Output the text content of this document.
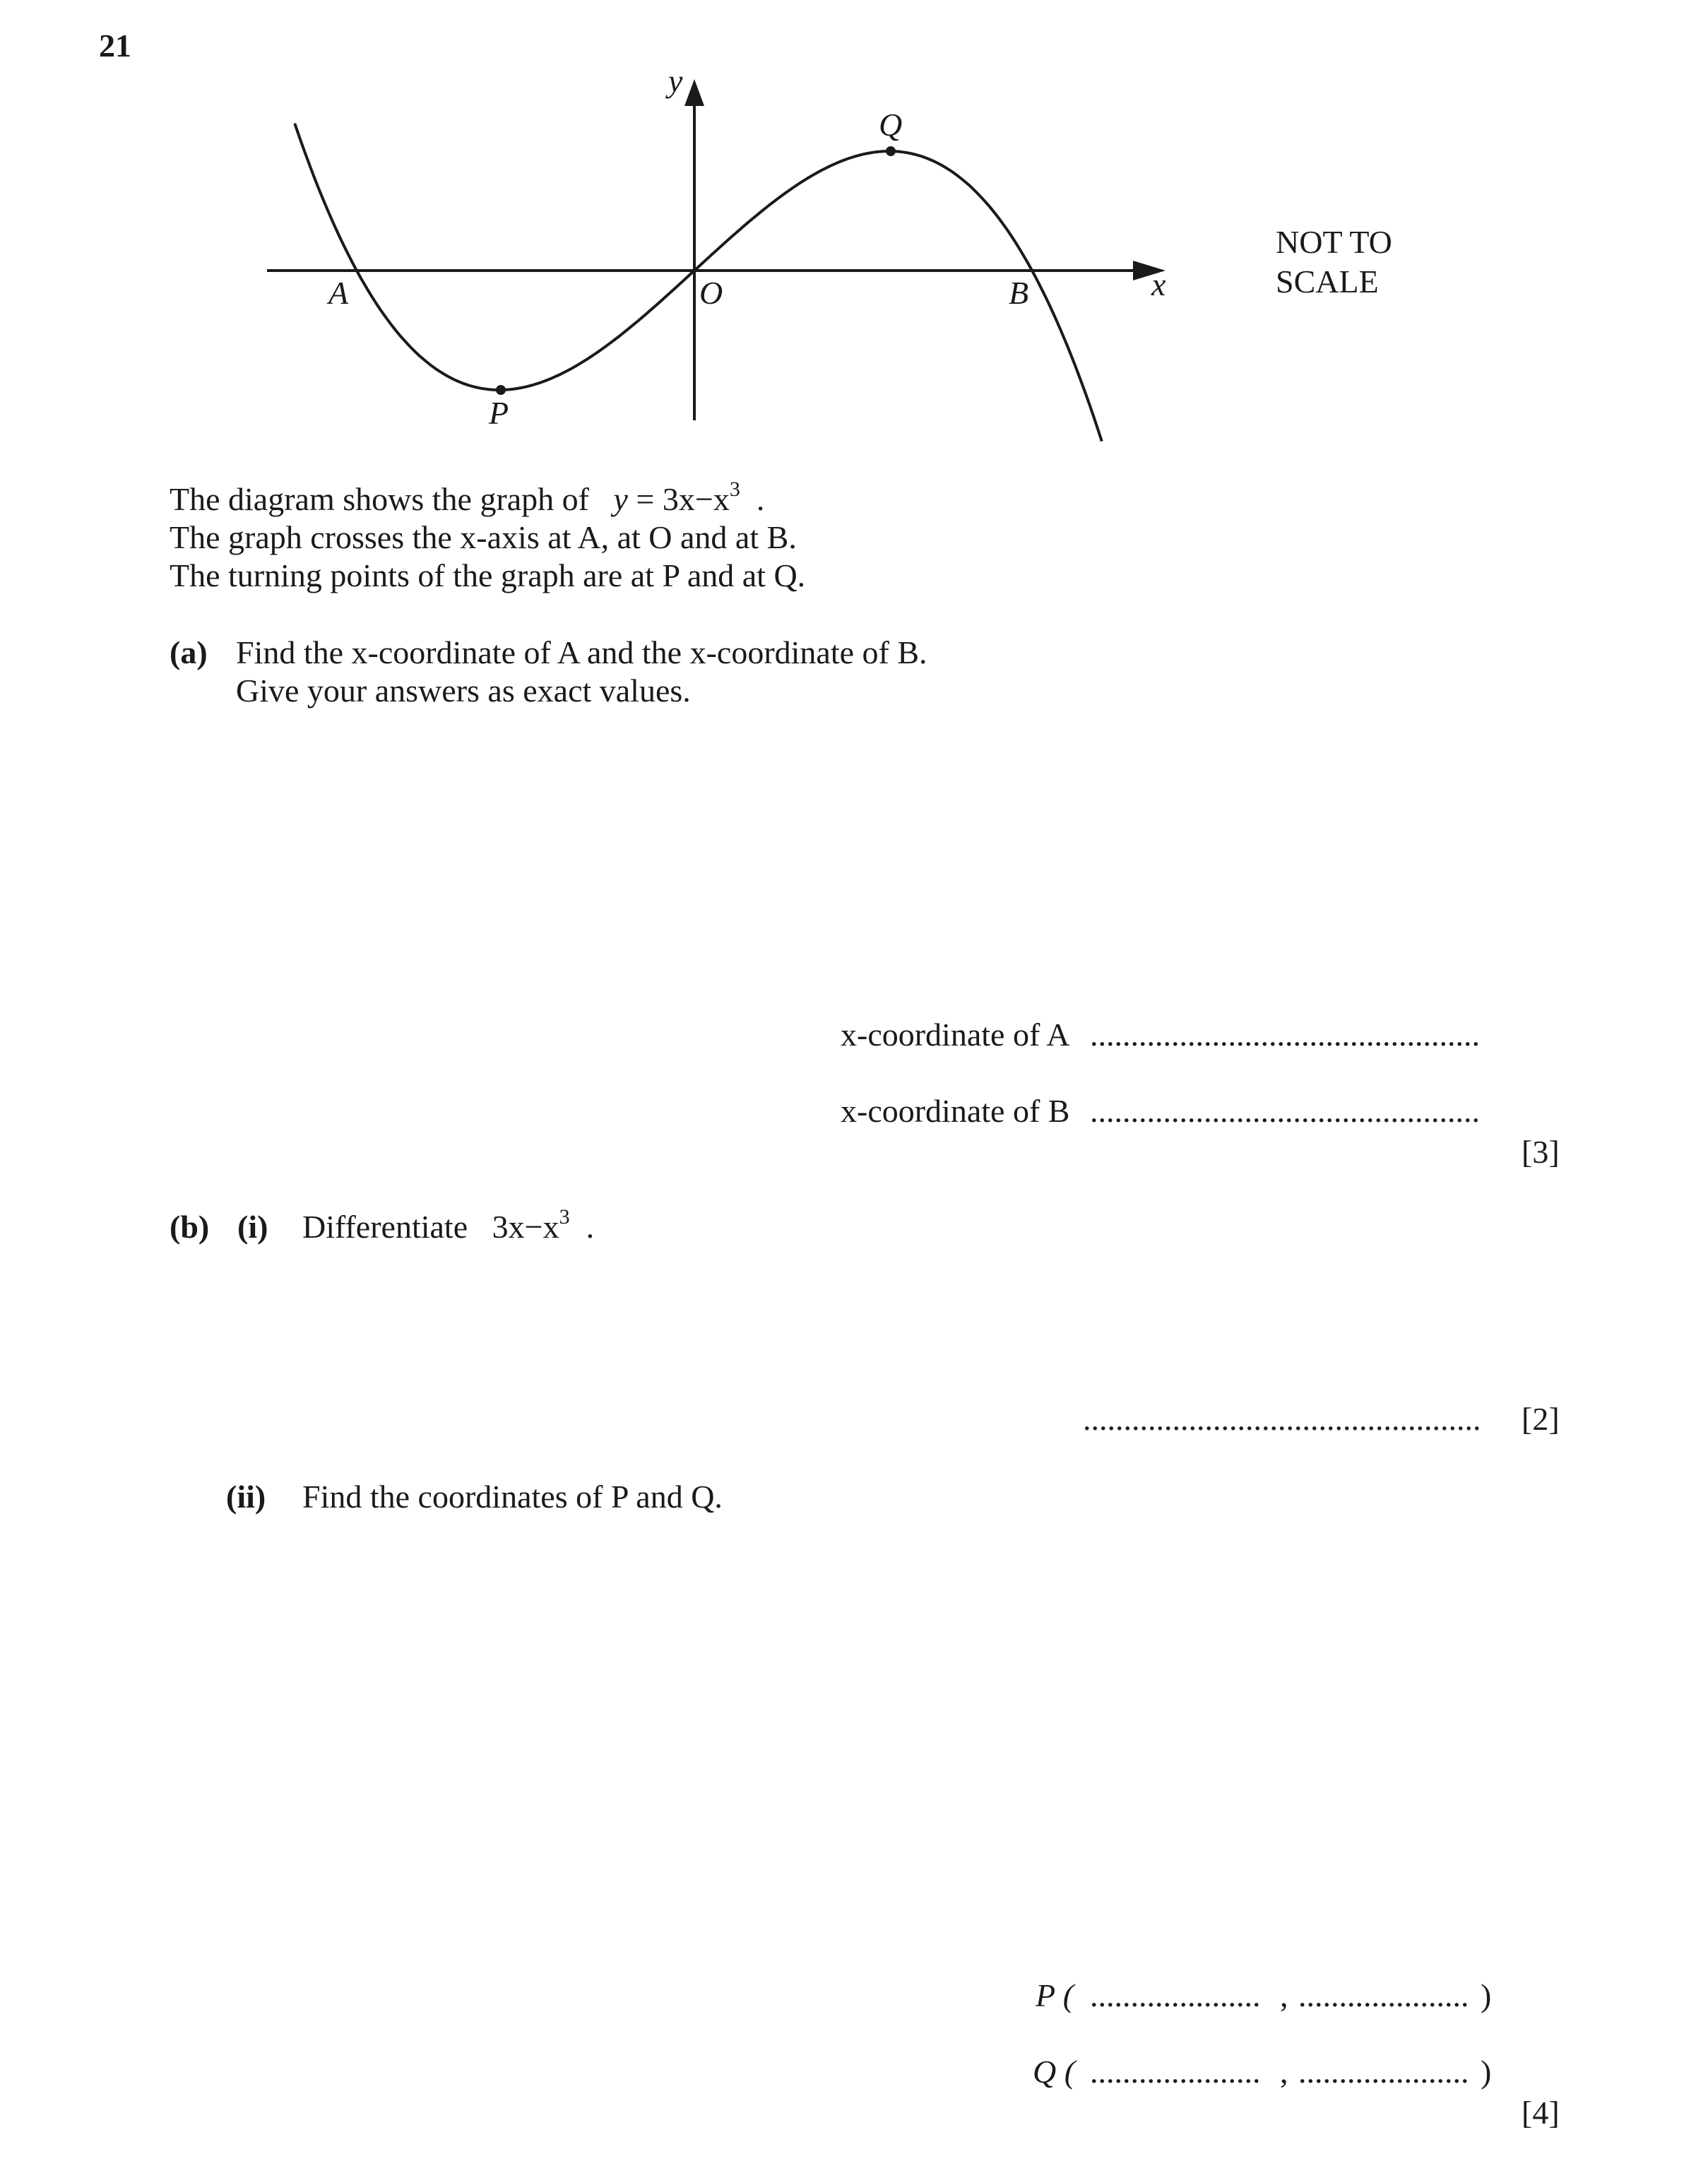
21
y
x
A	O	B
P
Q
NOT TO
SCALE
The diagram shows the graph of $y = 3x-x^3$ .
The graph crosses the x-axis at A, at O and at B.
The turning points of the graph are at P and at Q.
(a) Find the x-coordinate of A and the x-coordinate of B.
Give your answers as exact values.
x-coordinate of A ................................................
x-coordinate of B ................................................
[3]
(b) (i) Differentiate $3x-x^3$ .
................................................. [2]
(ii) Find the coordinates of P and Q.
P ( ..................... , ..................... )
Q ( ..................... , ..................... )
[4]
